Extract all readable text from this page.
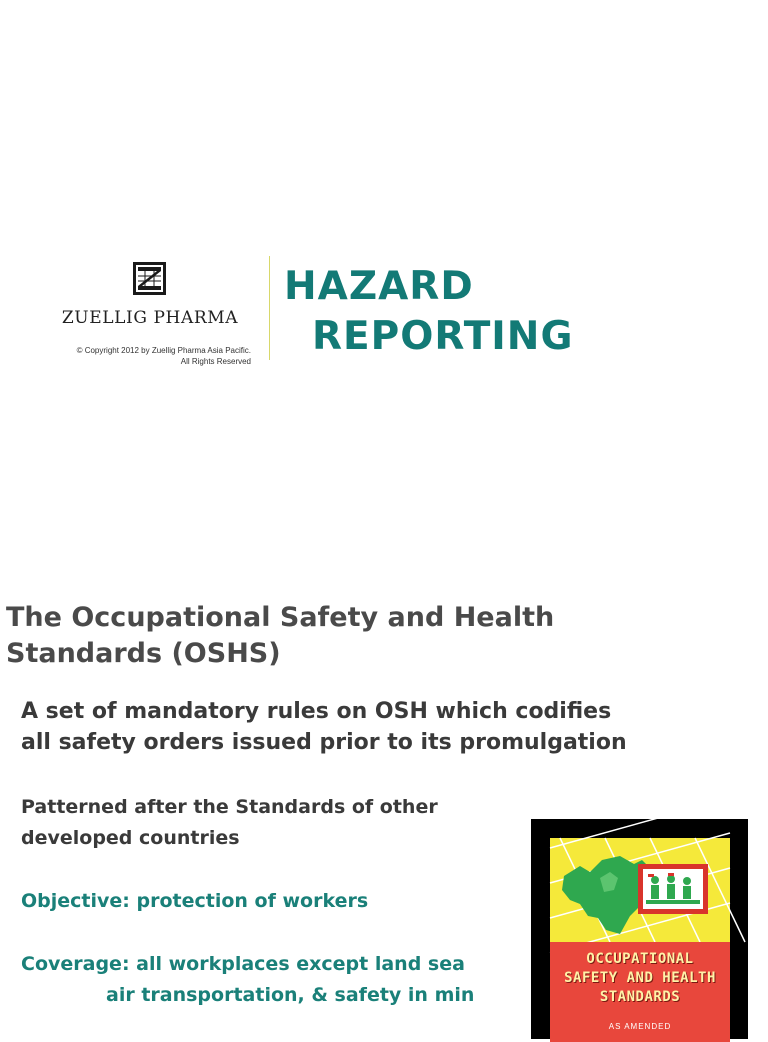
ZUELLIG PHARMA
© Copyright 2012 by Zuellig Pharma Asia Pacific.
All Rights Reserved
HAZARD
REPORTING
The Occupational Safety and Health
Standards (OSHS)
A set of mandatory rules on OSH which codifies
all safety orders issued prior to its promulgation
Patterned after the Standards of other
developed countries
Objective: protection of workers
Coverage: all workplaces except land sea
air transportation, & safety in min
OCCUPATIONAL
SAFETY AND HEALTH
STANDARDS
AS AMENDED
